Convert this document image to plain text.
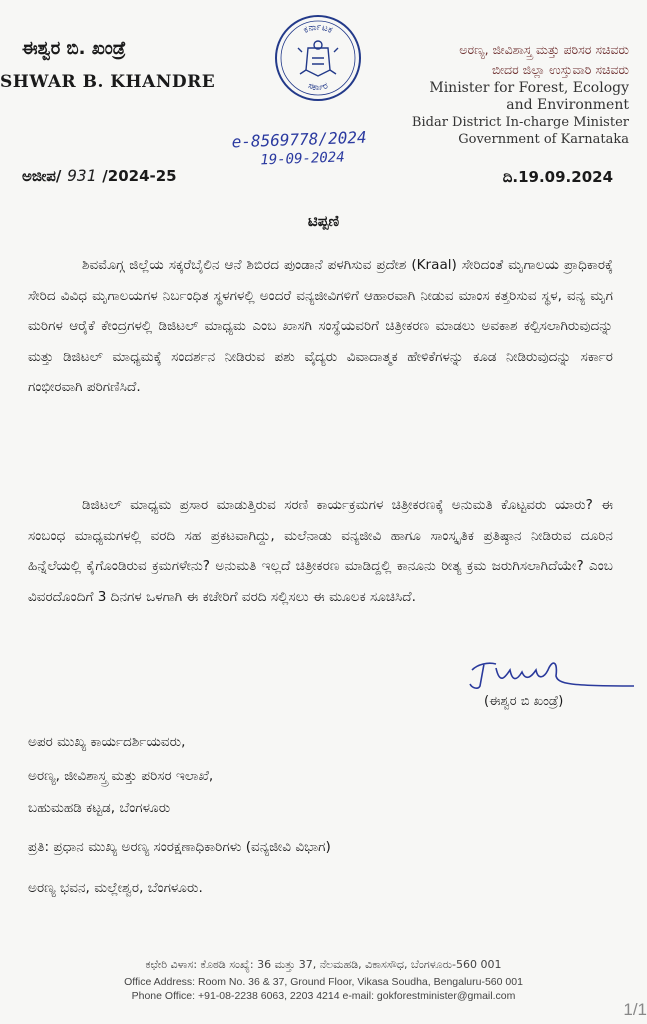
ಈಶ್ವರ ಬಿ. ಖಂಡ್ರೆ
SHWAR B. KHANDRE
ಕರ್ನಾಟಕ
ಸರ್ಕಾರ
ಅರಣ್ಯ, ಜೀವಿಶಾಸ್ತ್ರ ಮತ್ತು ಪರಿಸರ ಸಚಿವರು
ಬೀದರ ಜಿಲ್ಲಾ ಉಸ್ತುವಾರಿ ಸಚಿವರು
Minister for Forest, Ecology
and Environment
Bidar District In-charge Minister
Government of Karnataka
e-8569778/2024
19-09-2024
ಅಜೀಪ/ 931 /2024-25	ದಿ.19.09.2024
ಟಿಪ್ಪಣಿ
ಶಿವಮೊಗ್ಗ ಜಿಲ್ಲೆಯ ಸಕ್ಕರೆಬೈಲಿನ ಆನೆ ಶಿಬಿರದ ಪುಂಡಾನೆ ಪಳಗಿಸುವ ಪ್ರದೇಶ (Kraal) ಸೇರಿದಂತೆ ಮೃಗಾಲಯ ಪ್ರಾಧಿಕಾರಕ್ಕೆ ಸೇರಿದ ವಿವಿಧ ಮೃಗಾಲಯಗಳ ನಿರ್ಬಂಧಿತ ಸ್ಥಳಗಳಲ್ಲಿ ಅಂದರೆ ವನ್ಯಜೀವಿಗಳಿಗೆ ಆಹಾರವಾಗಿ ನೀಡುವ ಮಾಂಸ ಕತ್ತರಿಸುವ ಸ್ಥಳ, ವನ್ಯ ಮೃಗ ಮರಿಗಳ ಆರೈಕೆ ಕೇಂದ್ರಗಳಲ್ಲಿ ಡಿಜಿಟಲ್ ಮಾಧ್ಯಮ ಎಂಬ ಖಾಸಗಿ ಸಂಸ್ಥೆಯವರಿಗೆ ಚಿತ್ರೀಕರಣ ಮಾಡಲು ಅವಕಾಶ ಕಲ್ಪಿಸಲಾಗಿರುವುದನ್ನು ಮತ್ತು ಡಿಜಿಟಲ್ ಮಾಧ್ಯಮಕ್ಕೆ ಸಂದರ್ಶನ ನೀಡಿರುವ ಪಶು ವೈದ್ಯರು ವಿವಾದಾತ್ಮಕ ಹೇಳಿಕೆಗಳನ್ನು ಕೂಡ ನೀಡಿರುವುದನ್ನು ಸರ್ಕಾರ ಗಂಭೀರವಾಗಿ ಪರಿಗಣಿಸಿದೆ.
ಡಿಜಿಟಲ್ ಮಾಧ್ಯಮ ಪ್ರಸಾರ ಮಾಡುತ್ತಿರುವ ಸರಣಿ ಕಾರ್ಯಕ್ರಮಗಳ ಚಿತ್ರೀಕರಣಕ್ಕೆ ಅನುಮತಿ ಕೊಟ್ಟವರು ಯಾರು? ಈ ಸಂಬಂಧ ಮಾಧ್ಯಮಗಳಲ್ಲಿ ವರದಿ ಸಹ ಪ್ರಕಟವಾಗಿದ್ದು, ಮಲೆನಾಡು ವನ್ಯಜೀವಿ ಹಾಗೂ ಸಾಂಸ್ಕೃತಿಕ ಪ್ರತಿಷ್ಠಾನ ನೀಡಿರುವ ದೂರಿನ ಹಿನ್ನೆಲೆಯಲ್ಲಿ ಕೈಗೊಂಡಿರುವ ಕ್ರಮಗಳೇನು? ಅನುಮತಿ ಇಲ್ಲದೆ ಚಿತ್ರೀಕರಣ ಮಾಡಿದ್ದಲ್ಲಿ ಕಾನೂನು ರೀತ್ಯ ಕ್ರಮ ಜರುಗಿಸಲಾಗಿದೆಯೇ? ಎಂಬ ವಿವರದೊಂದಿಗೆ 3 ದಿನಗಳ ಒಳಗಾಗಿ ಈ ಕಚೇರಿಗೆ ವರದಿ ಸಲ್ಲಿಸಲು ಈ ಮೂಲಕ ಸೂಚಿಸಿದೆ.
(ಈಶ್ವರ ಬಿ ಖಂಡ್ರೆ)
ಅಪರ ಮುಖ್ಯ ಕಾರ್ಯದರ್ಶಿಯವರು,
ಅರಣ್ಯ, ಜೀವಿಶಾಸ್ತ್ರ ಮತ್ತು ಪರಿಸರ ಇಲಾಖೆ,
ಬಹುಮಹಡಿ ಕಟ್ಟಡ, ಬೆಂಗಳೂರು
ಪ್ರತಿ: ಪ್ರಧಾನ ಮುಖ್ಯ ಅರಣ್ಯ ಸಂರಕ್ಷಣಾಧಿಕಾರಿಗಳು (ವನ್ಯಜೀವಿ ವಿಭಾಗ)
ಅರಣ್ಯ ಭವನ, ಮಲ್ಲೇಶ್ವರ, ಬೆಂಗಳೂರು.
ಕಛೇರಿ ವಿಳಾಸ: ಕೊಠಡಿ ಸಂಖ್ಯೆ: 36 ಮತ್ತು 37, ನೆಲಮಹಡಿ, ವಿಕಾಸಸೌಧ, ಬೆಂಗಳೂರು-560 001
Office Address: Room No. 36 & 37, Ground Floor, Vikasa Soudha, Bengaluru-560 001
Phone Office: +91-08-2238 6063, 2203 4214 e-mail: gokforestminister@gmail.com
1/1
